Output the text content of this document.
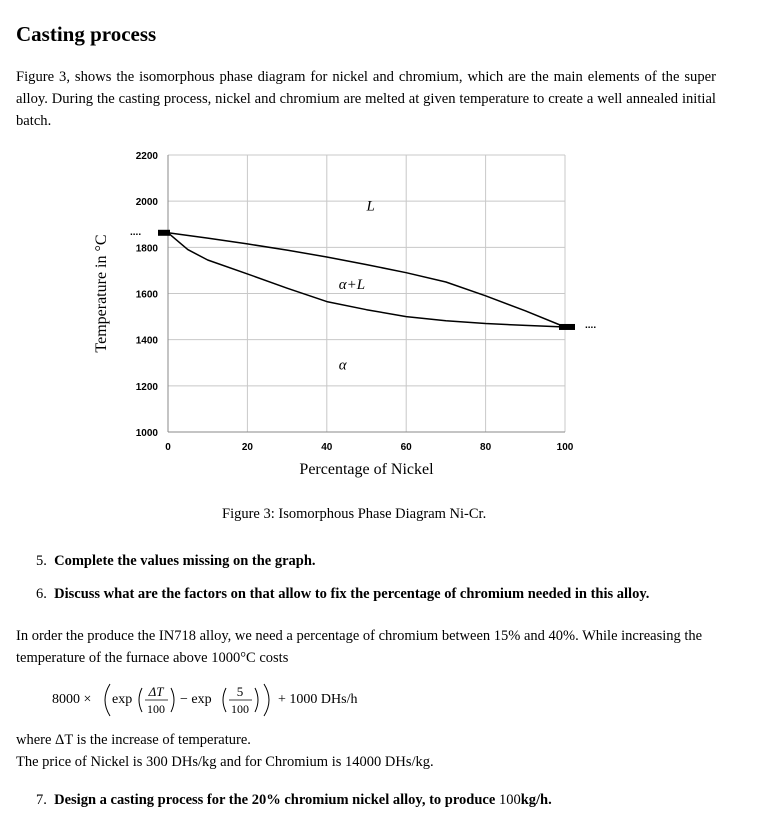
Casting process
Figure 3, shows the isomorphous phase diagram for nickel and chromium, which are the main elements of the super alloy. During the casting process, nickel and chromium are melted at given temperature to create a well annealed initial batch.
0	20	40	60	80	100
1000
1200
1400
1600
1800
2000
2200
Percentage of Nickel
Temperature in °C
L
α+L
α
....
....
Figure 3: Isomorphous Phase Diagram Ni-Cr.
5. Complete the values missing on the graph.
6. Discuss what are the factors on that allow to fix the percentage of chromium needed in this alloy.
In order the produce the IN718 alloy, we need a percentage of chromium between 15% and 40%. While increasing the temperature of the furnace above 1000°C costs
8000 × exp
ΔT
100
− exp
5
100
+ 1000 DHs/h
where ΔT is the increase of temperature.
The price of Nickel is 300 DHs/kg and for Chromium is 14000 DHs/kg.
7. Design a casting process for the 20% chromium nickel alloy, to produce 100kg/h.
